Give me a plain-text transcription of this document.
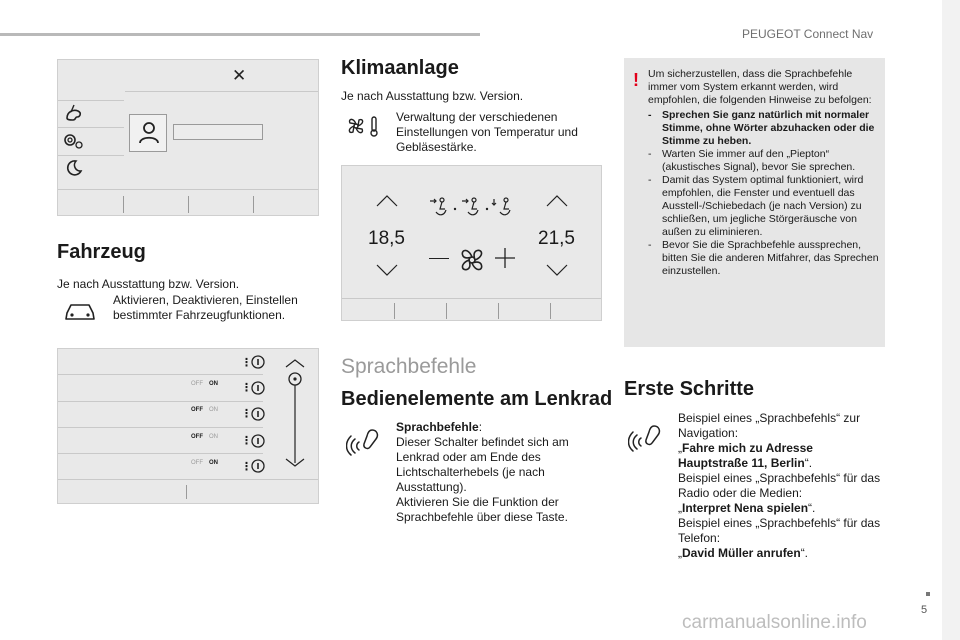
PEUGEOT Connect Nav
5
carmanualsonline.info
✕
Fahrzeug
Je nach Ausstattung bzw. Version.
Aktivieren, Deaktivieren, Einstellen bestimmter Fahrzeugfunktionen.
OFF ON
OFF ON
OFF ON
OFF ON
⋮
⋮
⋮
⋮
⋮
Klimaanlage
Je nach Ausstattung bzw. Version.
Verwaltung der verschiedenen Einstellungen von Temperatur und Gebläsestärke.
18,5	21,5
Sprachbefehle
Bedienelemente am Lenkrad
Sprachbefehle:
Dieser Schalter befindet sich am Lenkrad oder am Ende des Lichtschalterhebels (je nach Ausstattung).
Aktivieren Sie die Funktion der Sprachbefehle über diese Taste.
! Um sicherzustellen, dass die Sprachbefehle immer vom System erkannt werden, wird empfohlen, die folgenden Hinweise zu befolgen:
- Sprechen Sie ganz natürlich mit normaler Stimme, ohne Wörter abzuhacken oder die Stimme zu heben.
- Warten Sie immer auf den „Piepton“ (akustisches Signal), bevor Sie sprechen.
- Damit das System optimal funktioniert, wird empfohlen, die Fenster und eventuell das Ausstell-/Schiebedach (je nach Version) zu schließen, um jegliche Störgeräusche von außen zu eliminieren.
- Bevor Sie die Sprachbefehle aussprechen, bitten Sie die anderen Mitfahrer, das Sprechen einzustellen.
Erste Schritte
Beispiel eines „Sprachbefehls“ zur Navigation:
„Fahre mich zu Adresse Hauptstraße 11, Berlin“.
Beispiel eines „Sprachbefehls“ für das Radio oder die Medien:
„Interpret Nena spielen“.
Beispiel eines „Sprachbefehls“ für das Telefon:
„David Müller anrufen“.
